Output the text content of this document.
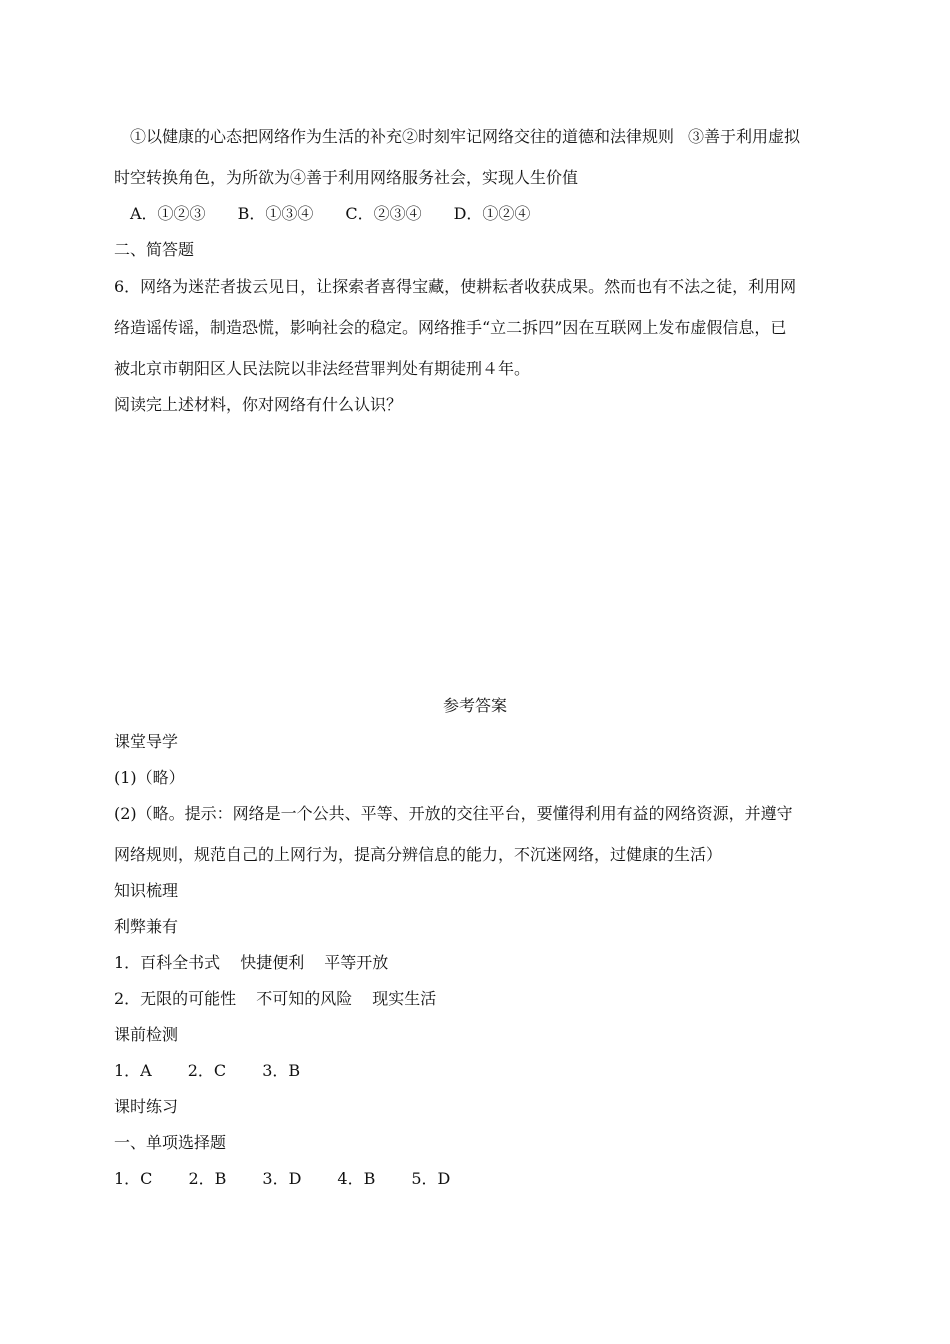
①以健康的心态把网络作为生活的补充②时刻牢记网络交往的道德和法律规则 ③善于利用虚拟
时空转换角色，为所欲为④善于利用网络服务社会，实现人生价值
A．①②③ B．①③④ C．②③④ D．①②④
二、简答题
6．网络为迷茫者拔云见日，让探索者喜得宝藏，使耕耘者收获成果。然而也有不法之徒，利用网
络造谣传谣，制造恐慌，影响社会的稳定。网络推手“立二拆四”因在互联网上发布虚假信息，已
被北京市朝阳区人民法院以非法经营罪判处有期徒刑４年。
阅读完上述材料，你对网络有什么认识？
参考答案
课堂导学
(1)（略）
(2)（略。提示：网络是一个公共、平等、开放的交往平台，要懂得利用有益的网络资源，并遵守
网络规则，规范自己的上网行为，提高分辨信息的能力，不沉迷网络，过健康的生活）
知识梳理
利弊兼有
1．百科全书式 快捷便利 平等开放
2．无限的可能性 不可知的风险 现实生活
课前检测
1．A 2．C 3．B
课时练习
一、单项选择题
1．C 2．B 3．D 4．B 5．D
